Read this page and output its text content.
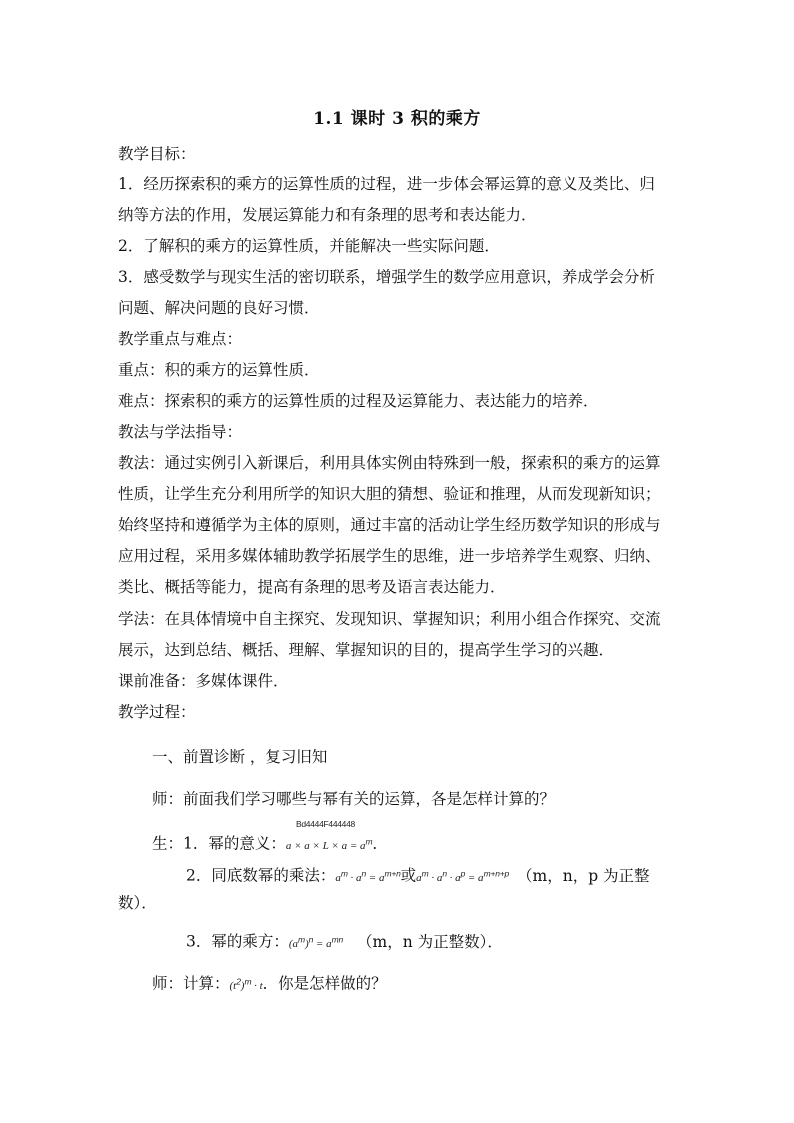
1.1 课时 3 积的乘方
教学目标：
1．经历探索积的乘方的运算性质的过程，进一步体会幂运算的意义及类比、归
纳等方法的作用，发展运算能力和有条理的思考和表达能力．
2．了解积的乘方的运算性质，并能解决一些实际问题．
3．感受数学与现实生活的密切联系，增强学生的数学应用意识，养成学会分析
问题、解决问题的良好习惯．
教学重点与难点：
重点：积的乘方的运算性质．
难点：探索积的乘方的运算性质的过程及运算能力、表达能力的培养．
教法与学法指导：
教法：通过实例引入新课后，利用具体实例由特殊到一般，探索积的乘方的运算
性质，让学生充分利用所学的知识大胆的猜想、验证和推理，从而发现新知识；
始终坚持和遵循学为主体的原则，通过丰富的活动让学生经历数学知识的形成与
应用过程，采用多媒体辅助教学拓展学生的思维，进一步培养学生观察、归纳、
类比、概括等能力，提高有条理的思考及语言表达能力．
学法：在具体情境中自主探究、发现知识、掌握知识；利用小组合作探究、交流
展示，达到总结、概括、理解、掌握知识的目的，提高学生学习的兴趣．
课前准备：多媒体课件．
教学过程：
一、前置诊断 ，复习旧知
师：前面我们学习哪些与幂有关的运算，各是怎样计算的？
Bd4444F444448
生：1．幂的意义：$a \times a \times L \times a = a^m$．
2．同底数幂的乘法：$a^m \cdot a^n = a^{m+n}$或$a^m \cdot a^n \cdot a^p = a^{m+n+p}$ （m，n，p 为正整
数）．
3．幂的乘方：$(a^m)^n = a^{mn}$ （m，n 为正整数）．
师：计算：$(t^2)^m \cdot t$．你是怎样做的？
